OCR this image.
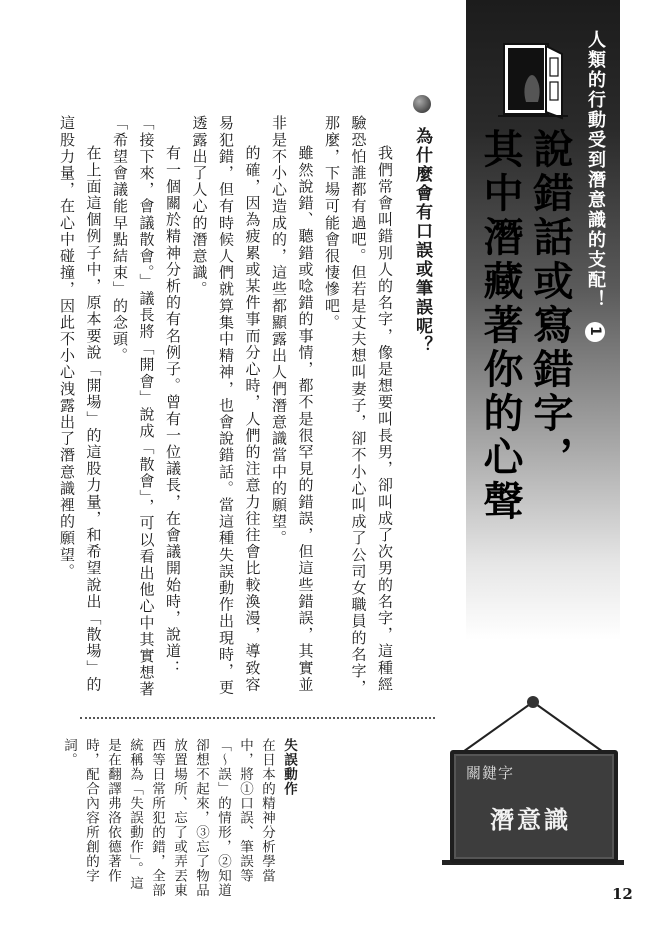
人類的行動受到潛意識的支配！ 1
說錯話或寫錯字，
其中潛藏著你的心聲
為什麼會有口誤或筆誤呢？

我們常會叫錯別人的名字，像是想要叫長男，卻叫成了次男的名字，這種經驗恐怕誰都有過吧。但若是丈夫想叫妻子，卻不小心叫成了公司女職員的名字，那麼，下場可能會很悽慘吧。

雖然說錯、聽錯或唸錯的事情，都不是很罕見的錯誤，但這些錯誤，其實並非是不小心造成的，這些都顯露出人們潛意識當中的願望。

的確，因為疲累或某件事而分心時，人們的注意力往往會比較渙漫，導致容易犯錯，但有時候人們就算集中精神，也會說錯話。當這種失誤動作出現時，更透露出了人心的潛意識。

有一個關於精神分析的有名例子。曾有一位議長，在會議開始時，說道：「接下來，會議散會。」議長將「開會」說成「散會」，可以看出他心中其實想著「希望會議能早點結束」的念頭。

在上面這個例子中，原本要說「開場」的這股力量，和希望說出「散場」的這股力量，在心中碰撞，因此不小心洩露出了潛意識裡的願望。

失誤動作
在日本的精神分析學當中，將①口誤、筆誤等「～誤」的情形，②知道卻想不起來，③忘了物品放置場所、忘了或弄丟東西等日常所犯的錯，全部統稱為「失誤動作」。這是在翻譯弗洛依德著作時，配合內容所創的字詞。
關鍵字
潛意識
12
